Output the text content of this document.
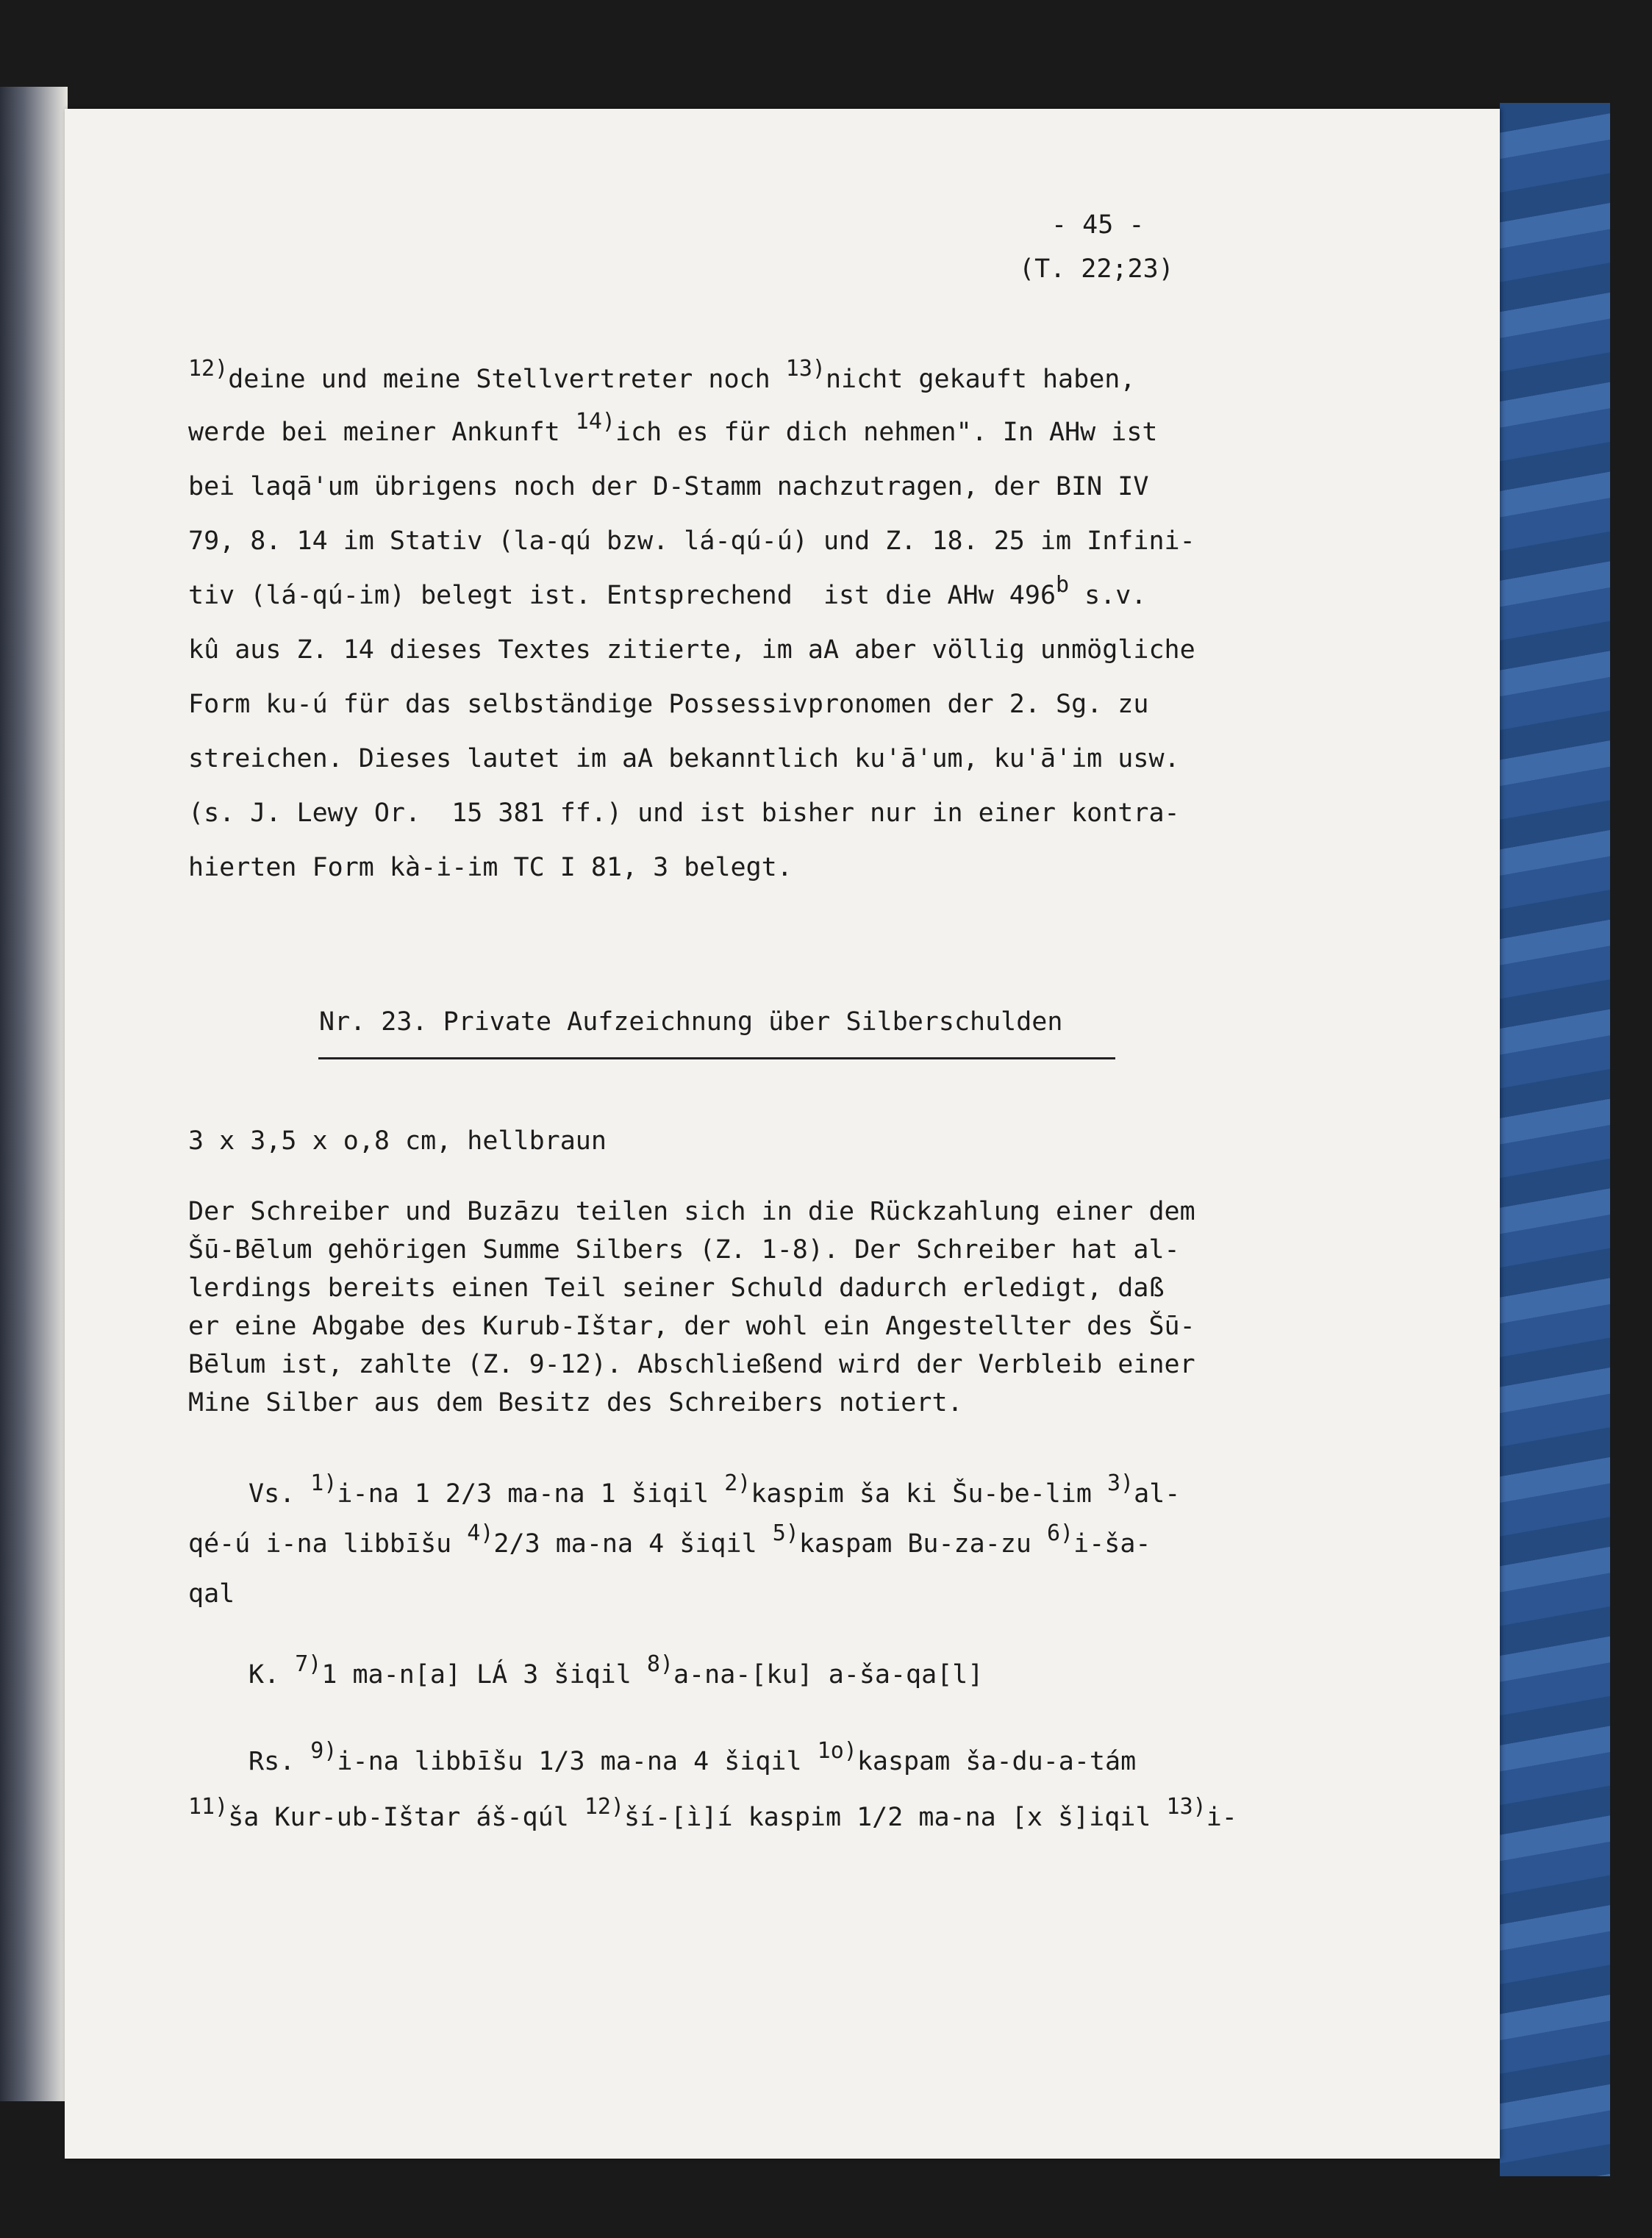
- 45 -
(T. 22;23)
12)deine und meine Stellvertreter noch 13)nicht gekauft haben,
werde bei meiner Ankunft 14)ich es für dich nehmen". In AHw ist
bei laqā'um übrigens noch der D-Stamm nachzutragen, der BIN IV
79, 8. 14 im Stativ (la-qú bzw. lá-qú-ú) und Z. 18. 25 im Infini-
tiv (lá-qú-im) belegt ist. Entsprechend  ist die AHw 496b s.v.
kû aus Z. 14 dieses Textes zitierte, im aA aber völlig unmögliche
Form ku-ú für das selbständige Possessivpronomen der 2. Sg. zu
streichen. Dieses lautet im aA bekanntlich ku'ā'um, ku'ā'im usw.
(s. J. Lewy Or.  15 381 ff.) und ist bisher nur in einer kontra-
hierten Form kà-i-im TC I 81, 3 belegt.
Nr. 23. Private Aufzeichnung über Silberschulden
3 x 3,5 x o,8 cm, hellbraun
Der Schreiber und Buzāzu teilen sich in die Rückzahlung einer dem
Šū-Bēlum gehörigen Summe Silbers (Z. 1-8). Der Schreiber hat al-
lerdings bereits einen Teil seiner Schuld dadurch erledigt, daß
er eine Abgabe des Kurub-Ištar, der wohl ein Angestellter des Šū-
Bēlum ist, zahlte (Z. 9-12). Abschließend wird der Verbleib einer
Mine Silber aus dem Besitz des Schreibers notiert.
Vs. 1)i-na 1 2/3 ma-na 1 šiqil 2)kaspim ša ki Šu-be-lim 3)al-
qé-ú i-na libbīšu 4)2/3 ma-na 4 šiqil 5)kaspam Bu-za-zu 6)i-ša-
qal
K. 7)1 ma-n[a] LÁ 3 šiqil 8)a-na-[ku] a-ša-qa[l]
Rs. 9)i-na libbīšu 1/3 ma-na 4 šiqil 1o)kaspam ša-du-a-tám
11)ša Kur-ub-Ištar áš-qúl 12)ší-[ì]í kaspim 1/2 ma-na [x š]iqil 13)i-
